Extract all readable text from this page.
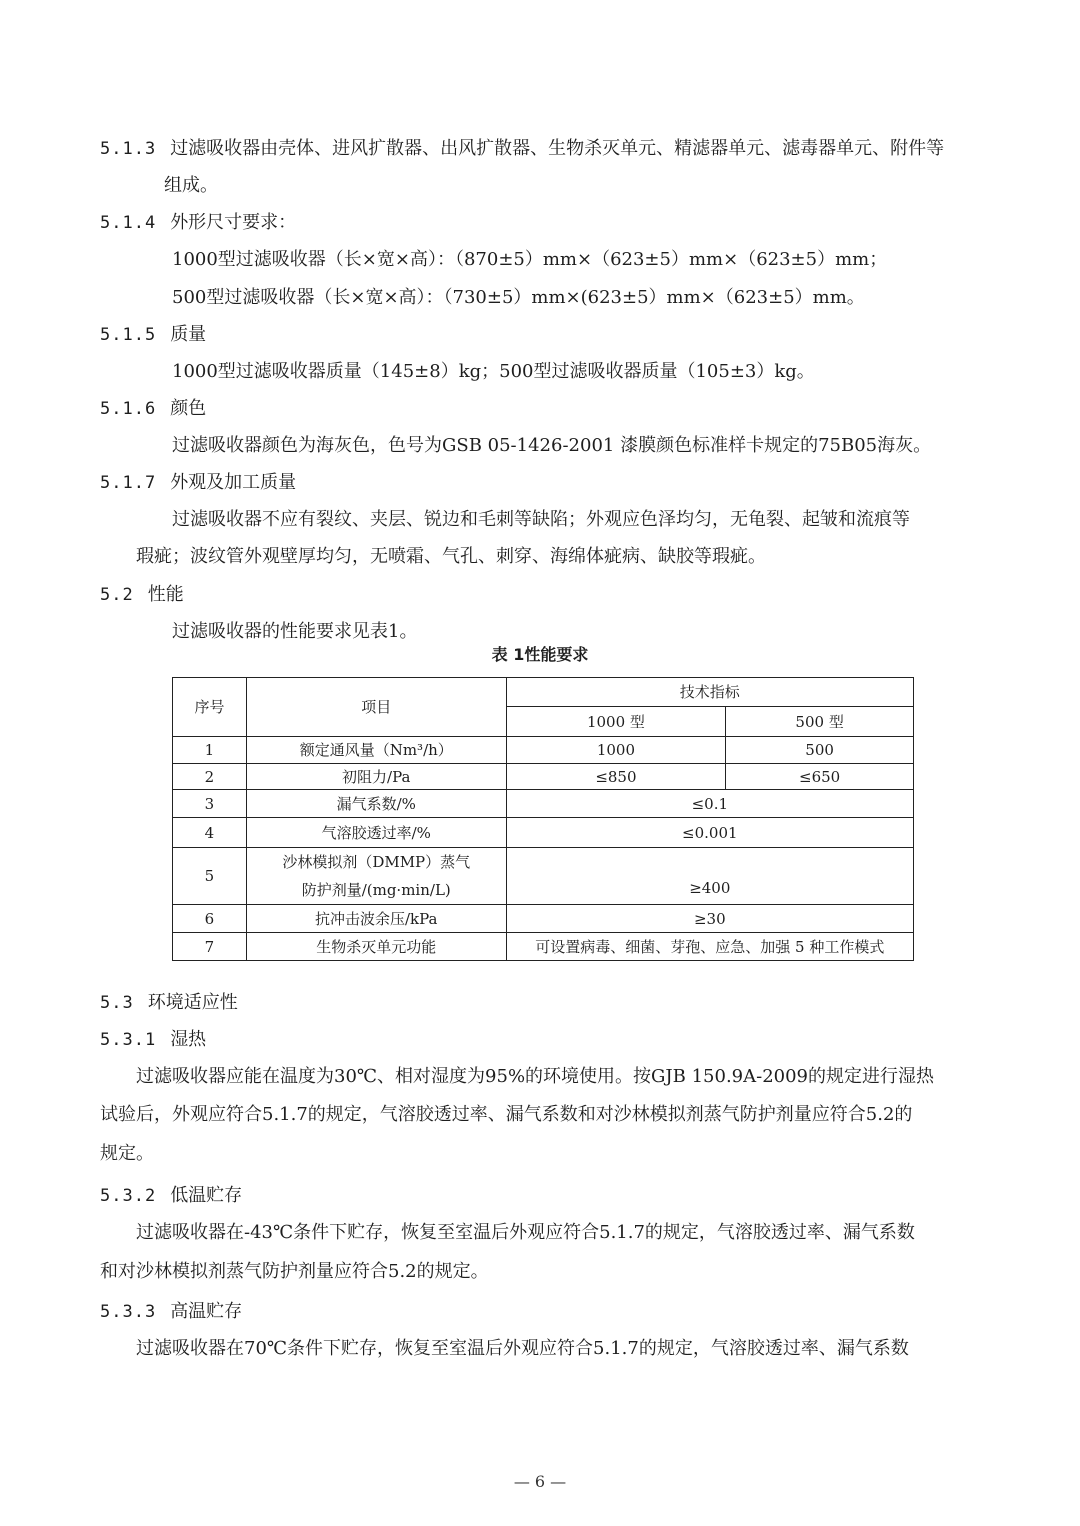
5.1.3 过滤吸收器由壳体、进风扩散器、出风扩散器、生物杀灭单元、精滤器单元、滤毒器单元、附件等
组成。
5.1.4 外形尺寸要求：
1000型过滤吸收器（长×宽×高）：（870±5）mm×（623±5）mm×（623±5）mm；
500型过滤吸收器（长×宽×高）：（730±5）mm×(623±5）mm×（623±5）mm。
5.1.5 质量
1000型过滤吸收器质量（145±8）kg；500型过滤吸收器质量（105±3）kg。
5.1.6 颜色
过滤吸收器颜色为海灰色，色号为GSB 05-1426-2001 漆膜颜色标准样卡规定的75B05海灰。
5.1.7 外观及加工质量
过滤吸收器不应有裂纹、夹层、锐边和毛刺等缺陷；外观应色泽均匀，无龟裂、起皱和流痕等
瑕疵；波纹管外观壁厚均匀，无喷霜、气孔、刺穿、海绵体疵病、缺胶等瑕疵。
5.2 性能
过滤吸收器的性能要求见表1。
表 1性能要求
序号	项目	技术指标	
		1000 型	500 型
1	额定通风量（Nm³/h）	1000	500
2	初阻力/Pa	≤850	≤650
3	漏气系数/%	≤0.1	
4	气溶胶透过率/%	≤0.001	
5	沙林模拟剂（DMMP）蒸气
防护剂量/(mg·min/L)	≥400	
6	抗冲击波余压/kPa	≥30	
7	生物杀灭单元功能	可设置病毒、细菌、芽孢、应急、加强 5 种工作模式	
5.3 环境适应性
5.3.1 湿热
过滤吸收器应能在温度为30℃、相对湿度为95%的环境使用。按GJB 150.9A-2009的规定进行湿热
试验后，外观应符合5.1.7的规定，气溶胶透过率、漏气系数和对沙林模拟剂蒸气防护剂量应符合5.2的
规定。
5.3.2 低温贮存
过滤吸收器在-43℃条件下贮存，恢复至室温后外观应符合5.1.7的规定，气溶胶透过率、漏气系数
和对沙林模拟剂蒸气防护剂量应符合5.2的规定。
5.3.3 高温贮存
过滤吸收器在70℃条件下贮存，恢复至室温后外观应符合5.1.7的规定，气溶胶透过率、漏气系数
— 6 —
